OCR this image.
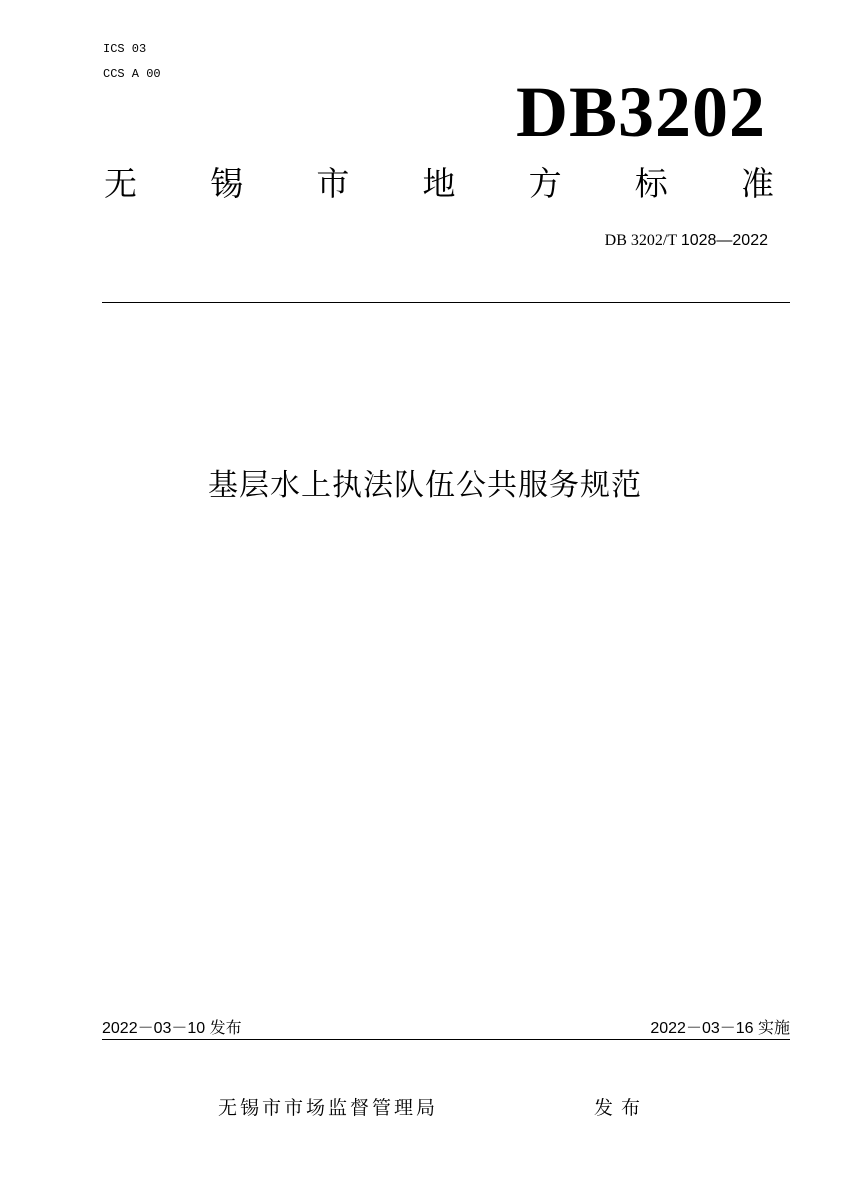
ICS 03
CCS A 00	DB3202
无 锡 市 地 方 标 准
DB 3202/T 1028—2022
基层水上执法队伍公共服务规范
2022－03－10 发布	2022－03－16 实施
无锡市市场监督管理局	发布
